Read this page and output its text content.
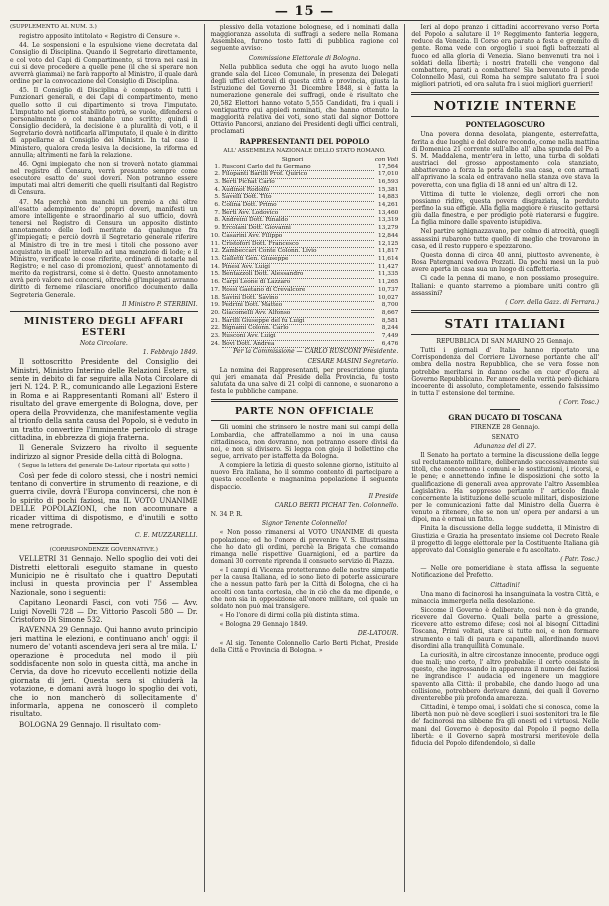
— 15 —

(SUPPLEMENTO AL NUM. 3.)

registro apposito intitolato « Registro di Censure ».

44. Le sospensioni e la espulsione viene decretata dal Consiglio di Disciplina. Quando il Segretario direttamente, e col voto del Capi di Compartimento, si trova nei casi in cui si deve procedere a quelle pene (il che si sperare non avverrà giammai) ne farà rapporto al Ministro, il quale darà ordine per la convocazione del Consiglio di Disciplina.

45. Il Consiglio di Disciplina è composto di tutti i Funzionari generali, e dei Capi di compartimento, meno quello sotto il cui dipartimento si trova l'imputato. L'imputato nel giorno stabilito potrà, se vuole, difendersi o personalmente o col mandato uno scritto; quindi il Consiglio deciderà, la decisione è a pluralità di voti, e il Segretario dovrà notificarla all'imputato, il quale è in diritto di appellarne al Consiglio dei Ministri. In tal caso il Ministero, qualora creda lesiva la decisione, la riforma ed annulla; altrimenti ne farà la relazione.

46. Ogni impiegato che non si troverà notato giammai nel registro di Censura, verrà presunto sempre come esecutore esatto de' suoi doveri. Non potranno essere imputati mai altri demeriti che quelli risultanti dal Registro di Censura.

47. Ma perchè non manchi un premio a chi oltre all'esatto adempimento de' propri doveri, manifesti un amore intelligente e straordinario al suo ufficio, dovrà tenersi nel Registro di Censura un apposito distinto annotamento delle lodi meritate da qualunque fra gl'impiegati; e perciò dovrà il Segretario generale riferire al Ministro di tre in tre mesi i titoli che possono aver acquistato in quell' intervallo ad una menzione di lode; e il Ministro, verificate le cose riferite, ordinerà di notarle nel Registro; e nel caso di promozioni, quest' annotamento di merito da registrarsi, come si è detto. Questo annotamento avrà però valore nei concorsi, oltrechè gl'impiegati avranno diritto di ferneme rilasciare onorifico documento dalla Segreteria Generale.

Il Ministro P. STERBINI.

MINISTERO DEGLI AFFARI ESTERI

Nota Circolare.

1. Febbrajo 1849.

Il sottoscritto Presidente del Consiglio dei Ministri, Ministro Interino delle Relazioni Estere, si sente in debito di far seguire alla Nota Circolare di jeri N. 124. P. R., comunicando alle Legazioni Estere in Roma e ai Rappresentanti Romani all' Estero il risultato del grave emergente di Bologna, dove, per opera della Provvidenza, che manifestamente veglia al trionfo della santa causa del Popolo, si è veduto in un tratto convertire l'imminente pericolo di strage cittadina, in ebbrezza di gioja fraterna.

Il Generale Svizzero ha rivolto il seguente indirizzo al signor Preside della città di Bologna.

( Segue la lettera del generale De-Latour riportata qui sotto )

Così per fede di coloro stessi, che i nostri nemici tentano di convertire in strumento di reazione, e di guerra civile, dovrà l'Europa convincersi, che non è lo spirito di pochi faziosi, ma IL VOTO UNANIME DELLE POPOLAZIONI, che non accomunare a ricader vittima di dispotismo, e d'inutili e sotto mene retrograde.

C. E. MUZZARELLI.

(CORRISPONDENZE GOVERNATIVE.)

VELLETRI 31 Gennajo. Nello spoglio dei voti dei Distretti elettorali eseguito stamane in questo Municipio ne è risultato che i quattro Deputati inclusi in questa provincia per l' Assemblea Nazionale, sono i seguenti:

Capitano Leonardi Fasci, con voti 756 — Avv. Luigi Novelli 728 — Dr. Vittorio Pascoli 580 — Dr. Cristoforo Di Simone 532.

RAVENNA 29 Gennajo. Qui hanno avuto principio jeri mattina le elezioni, e continuano anch' oggi: il numero de' votanti ascendeva jeri sera al tre mila. L' operazione è proceduta nel modo il più soddisfacente non solo in questa città, ma anche in Cervia, da dove ho ricevuto eccellenti notizie della giornata di jeri. Questa sera si chiuderà la votazione, e domani avrà luogo lo spoglio dei voti, che io non mancherò di sollecitamente d' informarla, appena ne conoscerò il completo risultato.

BOLOGNA 29 Gennajo. Il risultato com-

plessivo della votazione bolognese, ed i nominati dalla maggioranza assoluta di suffragi a sedere nella Romana Assemblea, furono tosto fatti di pubblica ragione col seguente avviso:

Commissione Elettorale di Bologna.

Nella pubblica seduta che oggi ha avuto luogo nella grande sala del Liceo Comunale, in presenza dei Delegati degli uffici elettorali di questa città e provincia, giusta la Istruzione del Governo 31 Dicembre 1848, si è fatta la numerazione generale dei suffragi, onde è risultato che 20,582 Elettori hanno votato 5,555 Candidati, fra i quali i ventiquattro qui appiedi nominati, che hanno ottenuto la maggiorità relativa dei voti, sono stati dal signor Dottore Ottavio Pancorsi, anziano dei Presidenti degli uffici centrali, proclamati

RAPPRESENTANTI DEL POPOLO

ALL' ASSEMBLEA NAZIONALE DELLO STATO ROMANO.

Signori		con Voti
1.	Rusconi Carlo del fu Germano	17,564
2.	Filopanti Barilli Prof. Quirico	17,010
3.	Berti Pichat Carlo	16,593
4.	Audinot Rodolfo	15,381
5.	Savelli Dott. Tito	14,883
6.	Colina Dott. Primo	14,261
7.	Berti Avv. Lodovico	13,460
8.	Andreini Dott. Rinaldo	13,319
9.	Ercolani Dott. Giovanni	13,279
10.	Casarini Avv. Filippo	12,844
11.	Cristofori Dott. Francesco	12,125
12.	Zambeccari Conte Colonn. Livio	11,817
13.	Galletti Gen. Giuseppe	11,614
14.	Pinesi Avv. Luigi	11,427
15.	Bentazzoli Dott. Alessandro	11,335
16.	Carpi Leone di Lazzaro	11,265
17.	Rossi Gaetano di Crevalcore	10,737
18.	Savini Dott. Savino	10,027
19.	Pedrini Dott. Matteo	8,700
20.	Giacomelli Avv. Alfonso	8,667
21.	Barilli Giuseppe del fu Luigi	8,581
22.	Bignami Colonn. Carlo	8,244
23.	Rusconi Avv. Luigi	7,449
24.	Bovi Dott. Andrea	6,476

Per la Commissione — CARLO RUSCONI Presidente.

CESARE MASINI Segretario.

La nomina dei Rappresentanti, per prescrizione giunta qui jeri emanata dal Preside della Provincia, fu tosto salutata da una salve di 21 colpi di cannone, e suonarono a festa le pubbliche campane.

PARTE NON OFFICIALE

Gli uomini che strinsero le nostre mani sui campi della Lombardia, che affratellammo a noi in una causa cittadinesca, non dovranno, non potranno essere divisi da noi, e non si divisero. Si legga con gioja il bollettino che segue, arrivato per istaffetta da Bologna.

A compiere la letizia di questo solenne giorno, istituito al nuovo Era italiana, ho il sommo contento di partecipare a questa eccellente e magnanima popolazione il seguente dispaccio.

Il Preside

CARLO BERTI PICHAT Ten. Colonnello.

N. 34 P. R.

Signor Tenente Colonnello!

« Non posso rimanersi al VOTO UNANIME di questa popolazione; ed ho l'onore di prevenire V. S. Illustrissima che ho dato gli ordini, perchè la Brigata che comando rimanga nelle rispettive Guarnigioni, ed a partire da domani 30 corrente riprenda il consueto servizio di Piazza.

« I campi di Vicenza protetteranno delle nostre simpatie per la causa Italiana, ed io sono lieto di poterle assicurare che a nessun patto farà per la Città di Bologna, che ci ha accolti con tanta cortesia, che in ciò che da me dipende, e che non sia in opposizione all'onore militare, col quale un soldato non può mai transigere.

« Ho l'onore di dirmi colla più distinta stima.

« Bologna 29 Gennajo 1849.

DE-LATOUR.

« Al sig. Tenente Colonnello Carlo Berti Pichat, Preside della Città e Provincia di Bologna. »

Ieri al dopo pranzo i cittadini accorrevano verso Porta del Popolo a salutare il 1º Reggimento fanteria leggera, reduce da Venezia. Il Corso era parato a festa e gremito di gente. Roma vede con orgoglio i suoi figli battezzati al fuoco ed alla gloria di Venezia. Siano benvenuti tra noi i soldati della libertà; i nostri fratelli che vengono dal combattere, parati a combattere! Sia benvenuto il prode Colonnello Masi, cui Roma ha sempre salutato fra i suoi migliori patrioti, ed ora saluta fra i suoi migliori guerrieri!

NOTIZIE INTERNE
PONTELAGOSCURO

Una povera donna desolata, piangente, esterrefatta, ferita a due luoghi e del dolore recondo, come nella mattina di Domenica 21 corrente sull'albo all' alba spunda del Po a S. M. Maddalena, mentr'era in letto, una turba di soldati austriaci del grosso appostamento cola stanziato, abbattevano a forza la porta della sua casa, e con armati all'aprivano la scala ed entravano nella stanza ove stava la poveretta, con una figlia di 18 anni ed un' altra di 12.

Vittima di tutte le violenze, degli orrori che non possiamo ridire, questa povera disgraziata, la perduto perfino la sua effigie. Alla figlia maggiore è riuscito gettarsi giù dalla finestra, e per prodigio potè riaterarsi e fuggire. La figlia minore dalle spavento istupidiva.

Nel partire sghignazzavano, per colmo di atrocità, quegli assassini rubarono tutte quello di meglio che trovarono in casa, ed il resto ruppero e spezzarono.

Questa donna di circa 40 anni, piuttosto avvenente, è Rosa Patergnani vedova Pozzati. Da pochi mesi un la può avere aperta in casa sua un luogo di caffetteria.

Ci cade la penna di mano, e non possiamo proseguire. Italiani: e quanto starremo a piombare uniti contro gli assassini?

( Corr. della Gazz. di Ferrara.)

STATI ITALIANI

REPUBBLICA DI SAN MARINO 25 Gennajo.

Tutti i giornali d' Italia hanno riportato una Corrispondenza del Corriere Livornese portante che all' ombra della nostra Repubblica, che se vera fosse non potrebbe meritarsi in danno osche en cuor d'opera al Governo Repubblicano. Per amore della verità però dichiara incoerente di assoluto, completamente, essendo falsissimo in tutta l' estensione del termine.

( Corr. Tosc.)

GRAN DUCATO DI TOSCANA

FIRENZE 28 Gennajo.

SENATO

Adunanza del dì 27.

Il Senato ha portato a termine la discussione della legge sul reclutamento militare, deliberando successivamente sui titoli, che concernono i comuni e le sostituzioni, i ricorsi, e le pene; e annettendo infine le disposizioni che sotto la qualificazione di generali avea approvate l'altro Assemblea Legislativa. Ha soppresso pertanto l' articolo finale concernente la istituzione delle scuole militari, disposizione per le comunicazioni fatte dal Ministro della Guerra è venuto a ritenere, che se non un' opera per andarsi a un dipoi, ma è ormai un fatto.

Finita la discussione della legge suddetta, il Ministro di Giustizia e Grazia ha presentato insieme col Decreto Reale il progetto di legge elettorale per la Costituente Italiana già approvato dal Consiglio generale e fu ascoltato.

( Patr. Tosc.)

— Nelle ore pomeridiane è stata affissa la seguente Notificazione del Prefetto.

Cittadini!

Una mano di facinorosi ha insanguinata la vostra Città, e minaccia immergerla nella desolazione.

Siccome il Governo è deliberato, così non è da grande, ricevere dal Governo. Quali bella parte a gressione, ricevere atto estremo difese; così noi al bisogni Cittadini Toscana, Primi voltati, stare si tutte noi, e non formare strumento e tali di paura e capanelli, allordinando nuovi disordini alla tranquillità Comunale.

La curiosità, in altre circostanze innocente, produce oggi due mali; uno certo, l' altro probabile: il certo consiste in questo, che ingrossando in apparenza il numero dei faziosi ne ingrandisce l' audacia ed ingenere un maggiore spavento alla Città: il probabile, che dando luogo ad una collisione, potrebbero derivare danni, dei quali il Governo diventerebbe più profonda amarezza.

Cittadini, è tempo omai, i soldati che si conosca, come la libertà non può nè deve sceglieri i suoi sostenitori tra le file de' facinorosi ma sibbene fra gli onesti ed i virtuosi. Nelle mani del Governo è deposito dal Popolo il pegno della libertà: e il Governo saprà mostrarsi meritevole della fiducia del Popolo difendendolo, sì dalle
